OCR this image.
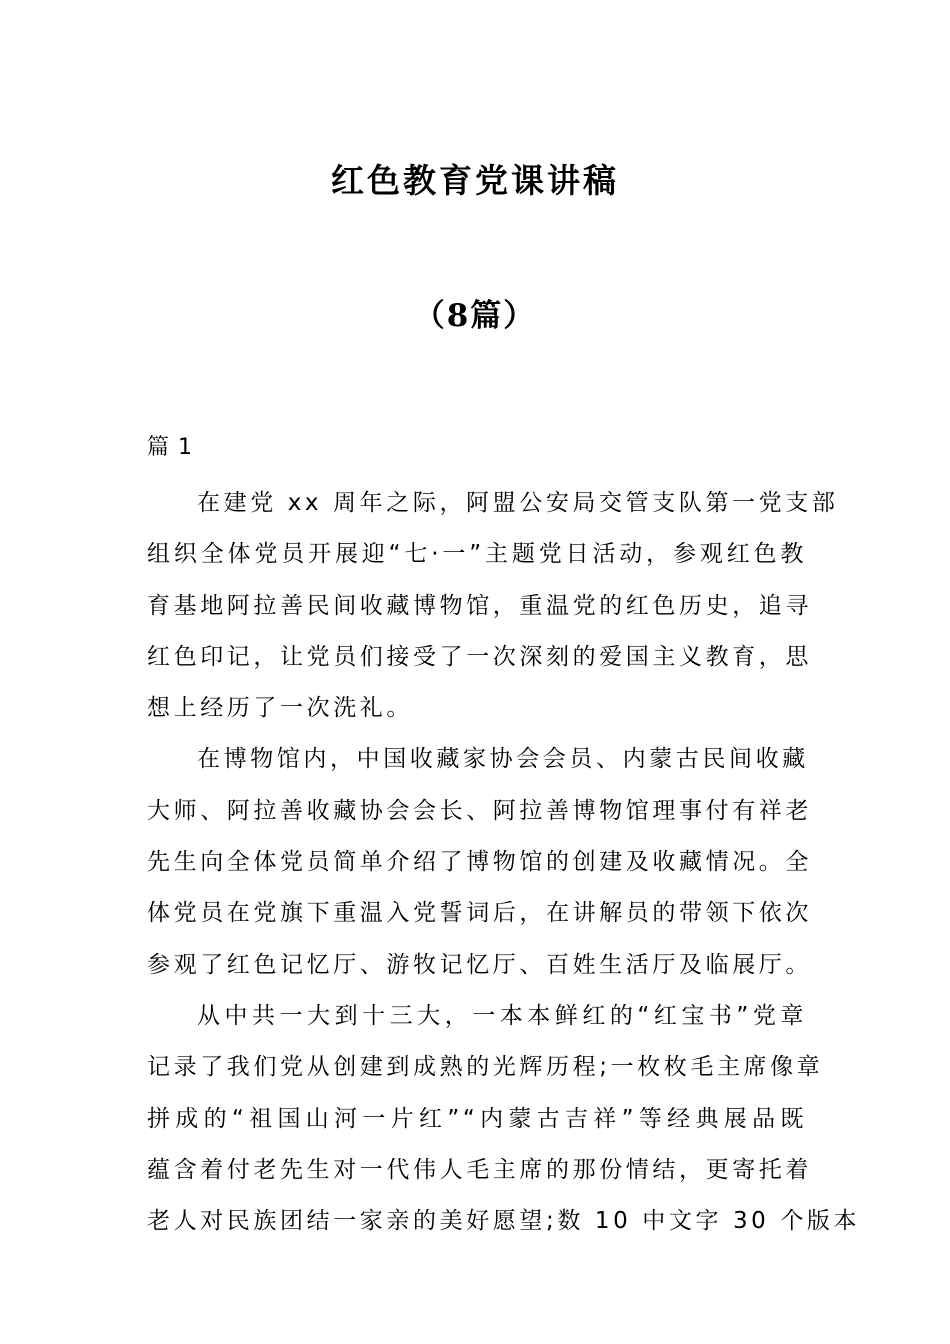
红色教育党课讲稿
（8篇）
篇 1
在建党 xx 周年之际，阿盟公安局交管支队第一党支部
组织全体党员开展迎“七·一”主题党日活动，参观红色教
育基地阿拉善民间收藏博物馆，重温党的红色历史，追寻
红色印记，让党员们接受了一次深刻的爱国主义教育，思
想上经历了一次洗礼。
在博物馆内，中国收藏家协会会员、内蒙古民间收藏
大师、阿拉善收藏协会会长、阿拉善博物馆理事付有祥老
先生向全体党员简单介绍了博物馆的创建及收藏情况。全
体党员在党旗下重温入党誓词后，在讲解员的带领下依次
参观了红色记忆厅、游牧记忆厅、百姓生活厅及临展厅。
从中共一大到十三大，一本本鲜红的“红宝书”党章
记录了我们党从创建到成熟的光辉历程;一枚枚毛主席像章
拼成的“祖国山河一片红”“内蒙古吉祥”等经典展品既
蕴含着付老先生对一代伟人毛主席的那份情结，更寄托着
老人对民族团结一家亲的美好愿望;数 10 中文字 30 个版本
